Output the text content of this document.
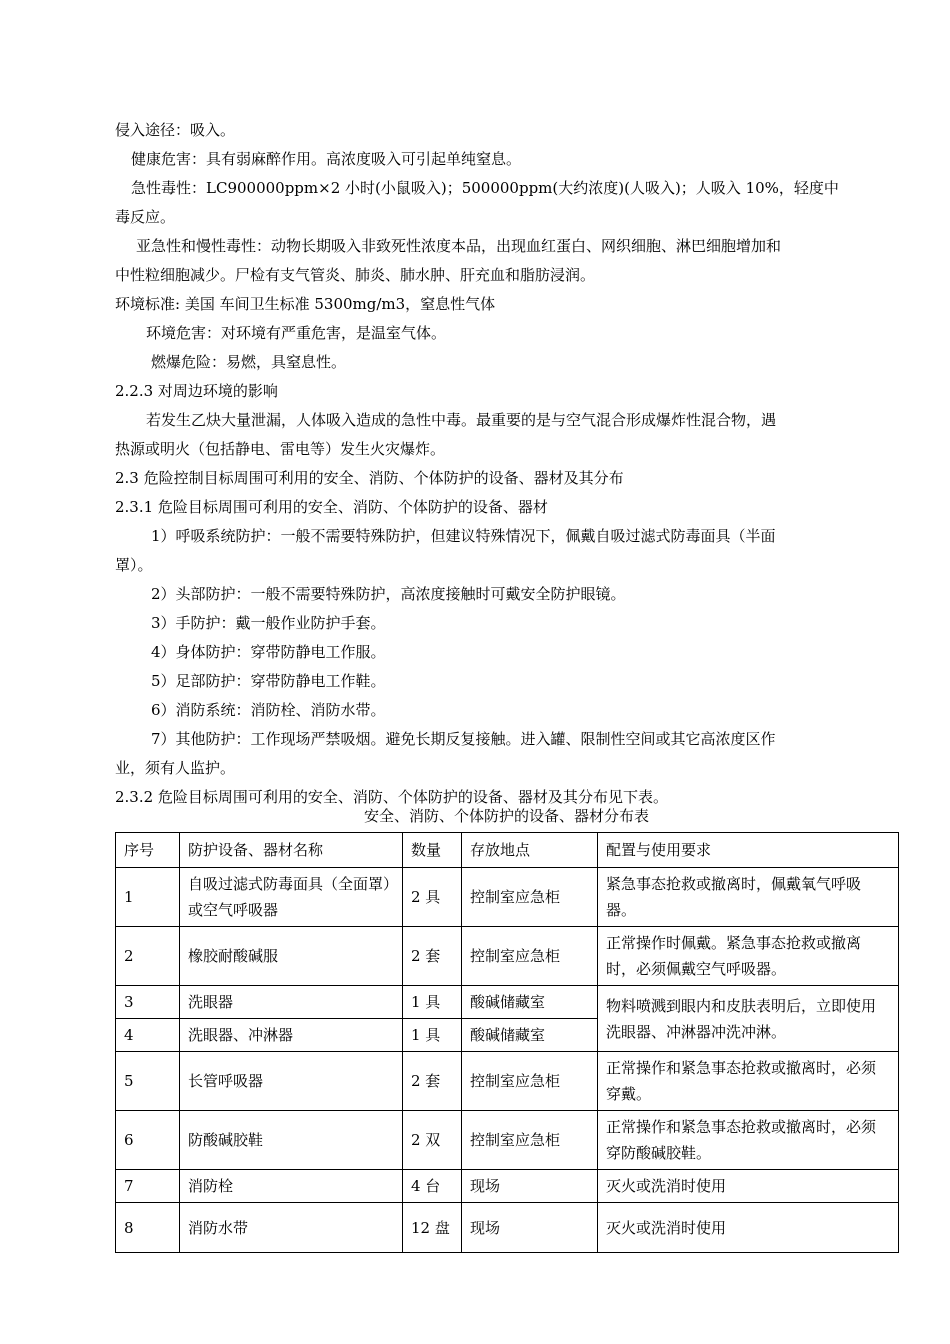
侵入途径：吸入。
健康危害：具有弱麻醉作用。高浓度吸入可引起单纯窒息。
急性毒性：LC900000ppm×2 小时(小鼠吸入)；500000ppm(大约浓度)(人吸入)；人吸入 10%，轻度中
毒反应。
亚急性和慢性毒性：动物长期吸入非致死性浓度本品，出现血红蛋白、网织细胞、淋巴细胞增加和
中性粒细胞减少。尸检有支气管炎、肺炎、肺水肿、肝充血和脂肪浸润。
环境标准: 美国 车间卫生标准 5300mg/m3，窒息性气体
环境危害：对环境有严重危害，是温室气体。
燃爆危险：易燃，具窒息性。
2.2.3 对周边环境的影响
若发生乙炔大量泄漏，人体吸入造成的急性中毒。最重要的是与空气混合形成爆炸性混合物，遇
热源或明火（包括静电、雷电等）发生火灾爆炸。
2.3 危险控制目标周围可利用的安全、消防、个体防护的设备、器材及其分布
2.3.1 危险目标周围可利用的安全、消防、个体防护的设备、器材
1）呼吸系统防护：一般不需要特殊防护，但建议特殊情况下，佩戴自吸过滤式防毒面具（半面
罩）。
2）头部防护：一般不需要特殊防护，高浓度接触时可戴安全防护眼镜。
3）手防护：戴一般作业防护手套。
4）身体防护：穿带防静电工作服。
5）足部防护：穿带防静电工作鞋。
6）消防系统：消防栓、消防水带。
7）其他防护：工作现场严禁吸烟。避免长期反复接触。进入罐、限制性空间或其它高浓度区作
业，须有人监护。
2.3.2 危险目标周围可利用的安全、消防、个体防护的设备、器材及其分布见下表。
安全、消防、个体防护的设备、器材分布表
序号	防护设备、器材名称	数量	存放地点	配置与使用要求
1	自吸过滤式防毒面具（全面罩）或空气呼吸器	2 具	控制室应急柜	紧急事态抢救或撤离时，佩戴氧气呼吸器。
2	橡胶耐酸碱服	2 套	控制室应急柜	正常操作时佩戴。紧急事态抢救或撤离时，必须佩戴空气呼吸器。
3	洗眼器	1 具	酸碱储藏室	物料喷溅到眼内和皮肤表明后，立即使用洗眼器、冲淋器冲洗冲淋。
4	洗眼器、冲淋器	1 具	酸碱储藏室	
5	长管呼吸器	2 套	控制室应急柜	正常操作和紧急事态抢救或撤离时，必须穿戴。
6	防酸碱胶鞋	2 双	控制室应急柜	正常操作和紧急事态抢救或撤离时，必须穿防酸碱胶鞋。
7	消防栓	4 台	现场	灭火或洗消时使用
8	消防水带	12 盘	现场	灭火或洗消时使用
